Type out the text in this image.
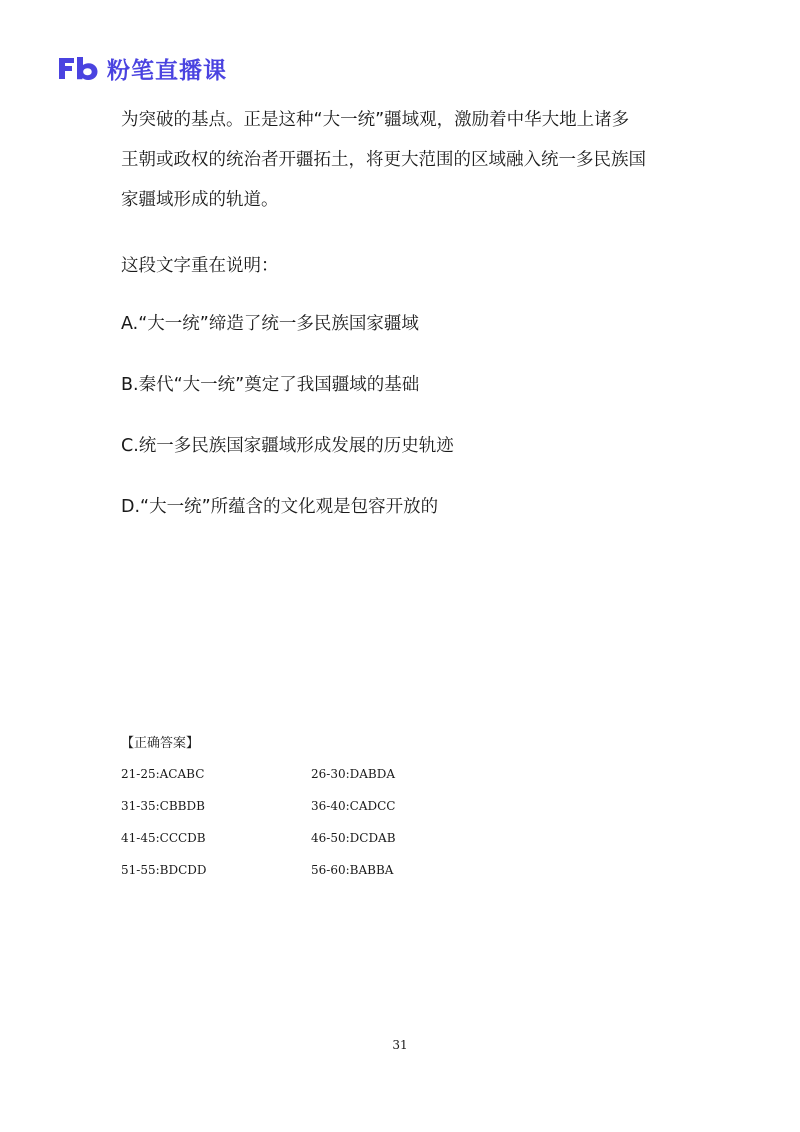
粉笔直播课
为突破的基点。正是这种“大一统”疆域观，激励着中华大地上诸多
王朝或政权的统治者开疆拓土，将更大范围的区域融入统一多民族国
家疆域形成的轨道。

这段文字重在说明：

A.“大一统”缔造了统一多民族国家疆域
B.秦代“大一统”奠定了我国疆域的基础
C.统一多民族国家疆域形成发展的历史轨迹
D.“大一统”所蕴含的文化观是包容开放的
【正确答案】
21-25:ACABC	26-30:DABDA
31-35:CBBDB	36-40:CADCC
41-45:CCCDB	46-50:DCDAB
51-55:BDCDD	56-60:BABBA
31
